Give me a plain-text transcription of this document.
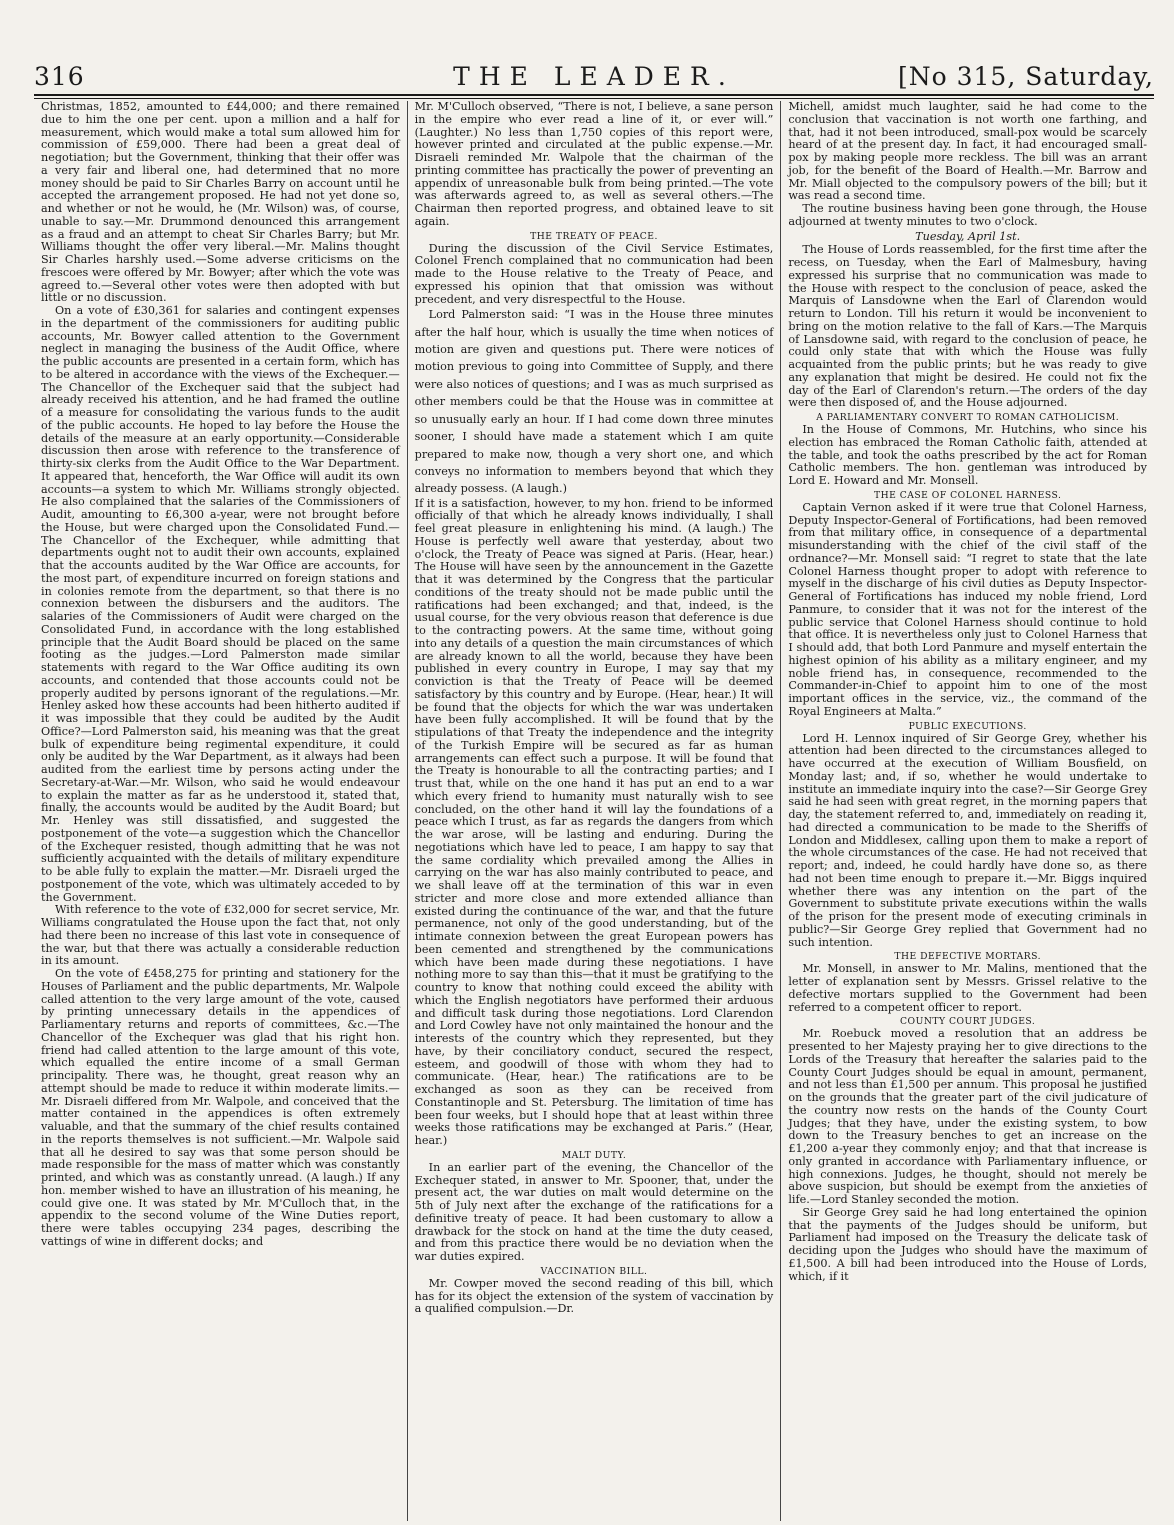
316	THE LEADER.	[No 315, Saturday,

Christmas, 1852, amounted to £44,000; and there remained due to him the one per cent. upon a million and a half for measurement, which would make a total sum allowed him for commission of £59,000. There had been a great deal of negotiation; but the Government, thinking that their offer was a very fair and liberal one, had determined that no more money should be paid to Sir Charles Barry on account until he accepted the arrangement proposed. He had not yet done so, and whether or not he would, he (Mr. Wilson) was, of course, unable to say.—Mr. Drummond denounced this arrangement as a fraud and an attempt to cheat Sir Charles Barry; but Mr. Williams thought the offer very liberal.—Mr. Malins thought Sir Charles harshly used.—Some adverse criticisms on the frescoes were offered by Mr. Bowyer; after which the vote was agreed to.—Several other votes were then adopted with but little or no discussion.

On a vote of £30,361 for salaries and contingent expenses in the department of the commissioners for auditing public accounts, Mr. Bowyer called attention to the Government neglect in managing the business of the Audit Office, where the public accounts are presented in a certain form, which has to be altered in accordance with the views of the Exchequer.—The Chancellor of the Exchequer said that the subject had already received his attention, and he had framed the outline of a measure for consolidating the various funds to the audit of the public accounts. He hoped to lay before the House the details of the measure at an early opportunity.—Considerable discussion then arose with reference to the transference of thirty-six clerks from the Audit Office to the War Department. It appeared that, henceforth, the War Office will audit its own accounts—a system to which Mr. Williams strongly objected. He also complained that the salaries of the Commissioners of Audit, amounting to £6,300 a-year, were not brought before the House, but were charged upon the Consolidated Fund.—The Chancellor of the Exchequer, while admitting that departments ought not to audit their own accounts, explained that the accounts audited by the War Office are accounts, for the most part, of expenditure incurred on foreign stations and in colonies remote from the department, so that there is no connexion between the disbursers and the auditors. The salaries of the Commissioners of Audit were charged on the Consolidated Fund, in accordance with the long established principle that the Audit Board should be placed on the same footing as the judges.—Lord Palmerston made similar statements with regard to the War Office auditing its own accounts, and contended that those accounts could not be properly audited by persons ignorant of the regulations.—Mr. Henley asked how these accounts had been hitherto audited if it was impossible that they could be audited by the Audit Office?—Lord Palmerston said, his meaning was that the great bulk of expenditure being regimental expenditure, it could only be audited by the War Department, as it always had been audited from the earliest time by persons acting under the Secretary-at-War.—Mr. Wilson, who said he would endeavour to explain the matter as far as he understood it, stated that, finally, the accounts would be audited by the Audit Board; but Mr. Henley was still dissatisfied, and suggested the postponement of the vote—a suggestion which the Chancellor of the Exchequer resisted, though admitting that he was not sufficiently acquainted with the details of military expenditure to be able fully to explain the matter.—Mr. Disraeli urged the postponement of the vote, which was ultimately acceded to by the Government.

With reference to the vote of £32,000 for secret service, Mr. Williams congratulated the House upon the fact that, not only had there been no increase of this last vote in consequence of the war, but that there was actually a considerable reduction in its amount.

On the vote of £458,275 for printing and stationery for the Houses of Parliament and the public departments, Mr. Walpole called attention to the very large amount of the vote, caused by printing unnecessary details in the appendices of Parliamentary returns and reports of committees, &c.—The Chancellor of the Exchequer was glad that his right hon. friend had called attention to the large amount of this vote, which equalled the entire income of a small German principality. There was, he thought, great reason why an attempt should be made to reduce it within moderate limits.—Mr. Disraeli differed from Mr. Walpole, and conceived that the matter contained in the appendices is often extremely valuable, and that the summary of the chief results contained in the reports themselves is not sufficient.—Mr. Walpole said that all he desired to say was that some person should be made responsible for the mass of matter which was constantly printed, and which was as constantly unread. (A laugh.) If any hon. member wished to have an illustration of his meaning, he could give one. It was stated by Mr. M'Culloch that, in the appendix to the second volume of the Wine Duties report, there were tables occupying 234 pages, describing the vattings of wine in different docks; and

Mr. M'Culloch observed, “There is not, I believe, a sane person in the empire who ever read a line of it, or ever will.” (Laughter.) No less than 1,750 copies of this report were, however printed and circulated at the public expense.—Mr. Disraeli reminded Mr. Walpole that the chairman of the printing committee has practically the power of preventing an appendix of unreasonable bulk from being printed.—The vote was afterwards agreed to, as well as several others.—The Chairman then reported progress, and obtained leave to sit again.

THE TREATY OF PEACE.

During the discussion of the Civil Service Estimates, Colonel French complained that no communication had been made to the House relative to the Treaty of Peace, and expressed his opinion that that omission was without precedent, and very disrespectful to the House.

Lord Palmerston said: “I was in the House three minutes after the half hour, which is usually the time when notices of motion are given and questions put. There were notices of motion previous to going into Committee of Supply, and there were also notices of questions; and I was as much surprised as other members could be that the House was in committee at so unusually early an hour. If I had come down three minutes sooner, I should have made a statement which I am quite prepared to make now, though a very short one, and which conveys no information to members beyond that which they already possess. (A laugh.)

If it is a satisfaction, however, to my hon. friend to be informed officially of that which he already knows individually, I shall feel great pleasure in enlightening his mind. (A laugh.) The House is perfectly well aware that yesterday, about two o'clock, the Treaty of Peace was signed at Paris. (Hear, hear.) The House will have seen by the announcement in the Gazette that it was determined by the Congress that the particular conditions of the treaty should not be made public until the ratifications had been exchanged; and that, indeed, is the usual course, for the very obvious reason that deference is due to the contracting powers. At the same time, without going into any details of a question the main circumstances of which are already known to all the world, because they have been published in every country in Europe, I may say that my conviction is that the Treaty of Peace will be deemed satisfactory by this country and by Europe. (Hear, hear.) It will be found that the objects for which the war was undertaken have been fully accomplished. It will be found that by the stipulations of that Treaty the independence and the integrity of the Turkish Empire will be secured as far as human arrangements can effect such a purpose. It will be found that the Treaty is honourable to all the contracting parties; and I trust that, while on the one hand it has put an end to a war which every friend to humanity must naturally wish to see concluded, on the other hand it will lay the foundations of a peace which I trust, as far as regards the dangers from which the war arose, will be lasting and enduring. During the negotiations which have led to peace, I am happy to say that the same cordiality which prevailed among the Allies in carrying on the war has also mainly contributed to peace, and we shall leave off at the termination of this war in even stricter and more close and more extended alliance than existed during the continuance of the war, and that the future permanence, not only of the good understanding, but of the intimate connexion between the great European powers has been cemented and strengthened by the communications which have been made during these negotiations. I have nothing more to say than this—that it must be gratifying to the country to know that nothing could exceed the ability with which the English negotiators have performed their arduous and difficult task during those negotiations. Lord Clarendon and Lord Cowley have not only maintained the honour and the interests of the country which they represented, but they have, by their conciliatory conduct, secured the respect, esteem, and goodwill of those with whom they had to communicate. (Hear, hear.) The ratifications are to be exchanged as soon as they can be received from Constantinople and St. Petersburg. The limitation of time has been four weeks, but I should hope that at least within three weeks those ratifications may be exchanged at Paris.” (Hear, hear.)

MALT DUTY.

In an earlier part of the evening, the Chancellor of the Exchequer stated, in answer to Mr. Spooner, that, under the present act, the war duties on malt would determine on the 5th of July next after the exchange of the ratifications for a definitive treaty of peace. It had been customary to allow a drawback for the stock on hand at the time the duty ceased, and from this practice there would be no deviation when the war duties expired.

VACCINATION BILL.

Mr. Cowper moved the second reading of this bill, which has for its object the extension of the system of vaccination by a qualified compulsion.—Dr.

Michell, amidst much laughter, said he had come to the conclusion that vaccination is not worth one farthing, and that, had it not been introduced, small-pox would be scarcely heard of at the present day. In fact, it had encouraged small-pox by making people more reckless. The bill was an arrant job, for the benefit of the Board of Health.—Mr. Barrow and Mr. Miall objected to the compulsory powers of the bill; but it was read a second time.

The routine business having been gone through, the House adjourned at twenty minutes to two o'clock.

Tuesday, April 1st.

The House of Lords reassembled, for the first time after the recess, on Tuesday, when the Earl of Malmesbury, having expressed his surprise that no communication was made to the House with respect to the conclusion of peace, asked the Marquis of Lansdowne when the Earl of Clarendon would return to London. Till his return it would be inconvenient to bring on the motion relative to the fall of Kars.—The Marquis of Lansdowne said, with regard to the conclusion of peace, he could only state that with which the House was fully acquainted from the public prints; but he was ready to give any explanation that might be desired. He could not fix the day of the Earl of Clarendon's return.—The orders of the day were then disposed of, and the House adjourned.

A PARLIAMENTARY CONVERT TO ROMAN CATHOLICISM.

In the House of Commons, Mr. Hutchins, who since his election has embraced the Roman Catholic faith, attended at the table, and took the oaths prescribed by the act for Roman Catholic members. The hon. gentleman was introduced by Lord E. Howard and Mr. Monsell.

THE CASE OF COLONEL HARNESS.

Captain Vernon asked if it were true that Colonel Harness, Deputy Inspector-General of Fortifications, had been removed from that military office, in consequence of a departmental misunderstanding with the chief of the civil staff of the ordnance?—Mr. Monsell said: “I regret to state that the late Colonel Harness thought proper to adopt with reference to myself in the discharge of his civil duties as Deputy Inspector-General of Fortifications has induced my noble friend, Lord Panmure, to consider that it was not for the interest of the public service that Colonel Harness should continue to hold that office. It is nevertheless only just to Colonel Harness that I should add, that both Lord Panmure and myself entertain the highest opinion of his ability as a military engineer, and my noble friend has, in consequence, recommended to the Commander-in-Chief to appoint him to one of the most important offices in the service, viz., the command of the Royal Engineers at Malta.”

PUBLIC EXECUTIONS.

Lord H. Lennox inquired of Sir George Grey, whether his attention had been directed to the circumstances alleged to have occurred at the execution of William Bousfield, on Monday last; and, if so, whether he would undertake to institute an immediate inquiry into the case?—Sir George Grey said he had seen with great regret, in the morning papers that day, the statement referred to, and, immediately on reading it, had directed a communication to be made to the Sheriffs of London and Middlesex, calling upon them to make a report of the whole circumstances of the case. He had not received that report; and, indeed, he could hardly have done so, as there had not been time enough to prepare it.—Mr. Biggs inquired whether there was any intention on the part of the Government to substitute private executions within the walls of the prison for the present mode of executing criminals in public?—Sir George Grey replied that Government had no such intention.

THE DEFECTIVE MORTARS.

Mr. Monsell, in answer to Mr. Malins, mentioned that the letter of explanation sent by Messrs. Grissel relative to the defective mortars supplied to the Government had been referred to a competent officer to report.

COUNTY COURT JUDGES.

Mr. Roebuck moved a resolution that an address be presented to her Majesty praying her to give directions to the Lords of the Treasury that hereafter the salaries paid to the County Court Judges should be equal in amount, permanent, and not less than £1,500 per annum. This proposal he justified on the grounds that the greater part of the civil judicature of the country now rests on the hands of the County Court Judges; that they have, under the existing system, to bow down to the Treasury benches to get an increase on the £1,200 a-year they commonly enjoy; and that that increase is only granted in accordance with Parliamentary influence, or high connexions. Judges, he thought, should not merely be above suspicion, but should be exempt from the anxieties of life.—Lord Stanley seconded the motion.

Sir George Grey said he had long entertained the opinion that the payments of the Judges should be uniform, but Parliament had imposed on the Treasury the delicate task of deciding upon the Judges who should have the maximum of £1,500. A bill had been introduced into the House of Lords, which, if it
